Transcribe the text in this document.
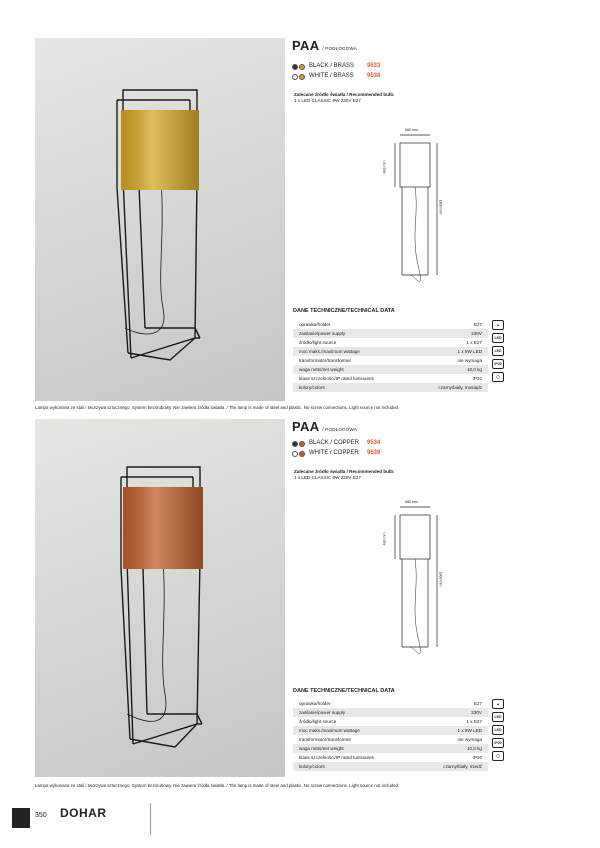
PAA / PODŁOGOWA
BLACK / BRASS	9533
WHITE / BRASS	9538
Zalecane źródło światła / Recommended bulb:
1 x LED CLASSIC 9W 230V E27
680 mm
483 mm
1800 mm
DANE TECHNICZNE/TECHNICAL DATA
oprawka/holder	E27
zasilanie/power supply	230V
źródło/light source	1 x E27
moc maks./maximum wattage	1 x 9W LED
transformator/transformer	nie wymaga
waga netto/net weight	10,0 kg
klasa szczelności/IP rated luminaires	IP20
kolory/colors	czarny/biały, mosiądz
▲
LED
LED
IP20
▢
Lampa wykonana ze stali i tworzywa sztucznego. System bezśrubowy. Nie zawiera źródła światła. / The lamp is made of steel and plastic. No screw connections. Light source not included.
PAA / PODŁOGOWA
BLACK / COPPER	9534
WHITE / COPPER	9539
Zalecane źródło światła / Recommended bulb:
1 x LED CLASSIC 9W 230V E27
680 mm
483 mm
1800 mm
DANE TECHNICZNE/TECHNICAL DATA
oprawka/holder	E27
zasilanie/power supply	230V
źródło/light source	1 x E27
moc maks./maximum wattage	1 x 9W LED
transformator/transformer	nie wymaga
waga netto/net weight	10,0 kg
klasa szczelności/IP rated luminaires	IP20
kolory/colors	czarny/biały, miedź
▲
LED
LED
IP20
▢
Lampa wykonana ze stali i tworzywa sztucznego. System bezśrubowy. Nie zawiera źródła światła. / The lamp is made of steel and plastic. No screw connections. Light source not included.
350 DOHAR
